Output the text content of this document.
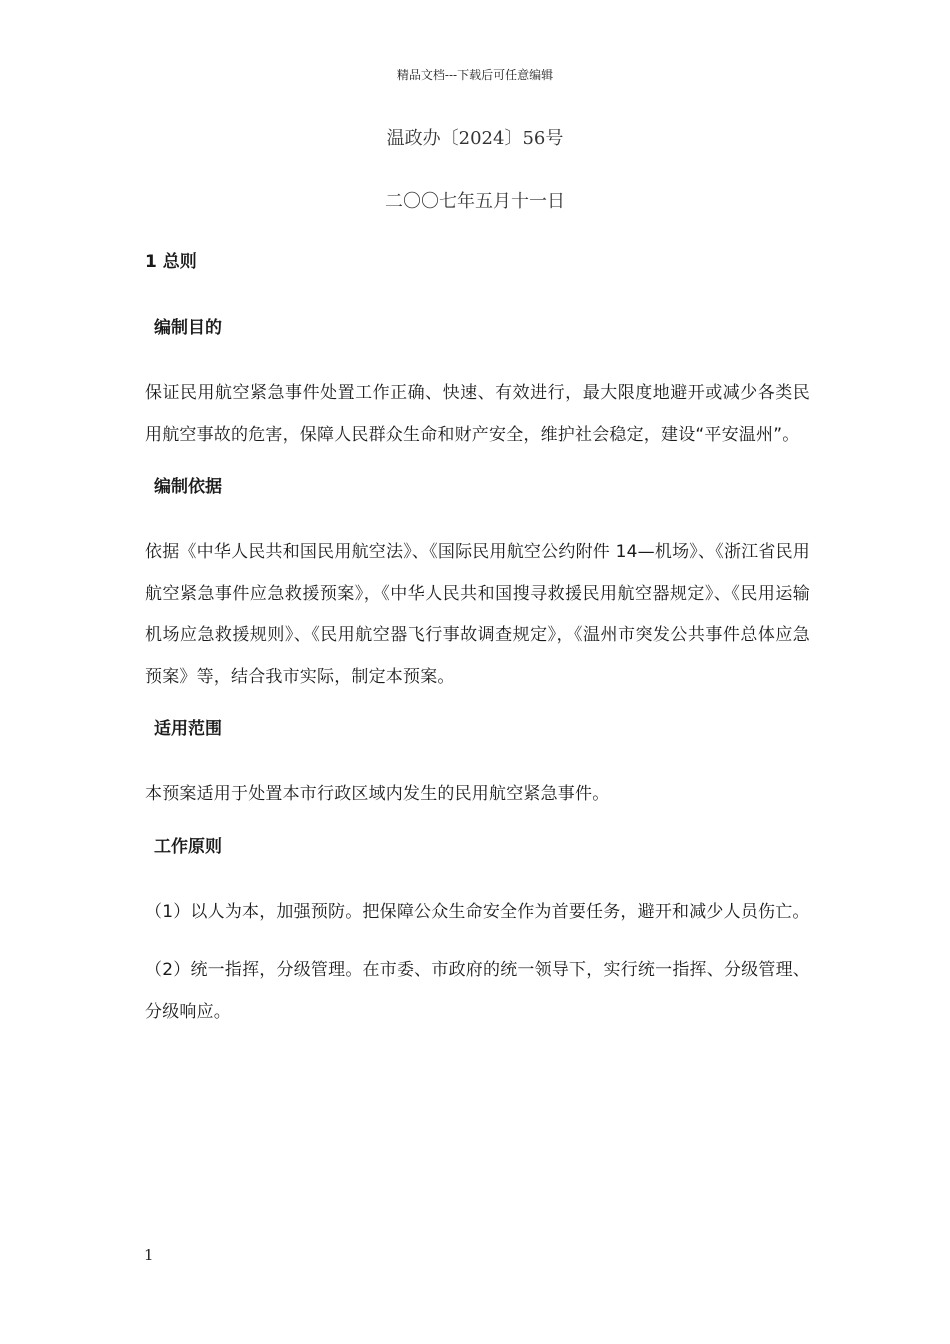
精品文档---下载后可任意编辑
温政办〔2024〕56号
二〇〇七年五月十一日
1 总则
编制目的
保证民用航空紧急事件处置工作正确、快速、有效进行，最大限度地避开或减少各类民用航空事故的危害，保障人民群众生命和财产安全，维护社会稳定，建设“平安温州”。
编制依据
依据《中华人民共和国民用航空法》、《国际民用航空公约附件 14—机场》、《浙江省民用航空紧急事件应急救援预案》，《中华人民共和国搜寻救援民用航空器规定》、《民用运输机场应急救援规则》、《民用航空器飞行事故调查规定》，《温州市突发公共事件总体应急预案》等，结合我市实际，制定本预案。
适用范围
本预案适用于处置本市行政区域内发生的民用航空紧急事件。
工作原则
（1）以人为本，加强预防。把保障公众生命安全作为首要任务，避开和减少人员伤亡。
（2）统一指挥，分级管理。在市委、市政府的统一领导下，实行统一指挥、分级管理、分级响应。
1
